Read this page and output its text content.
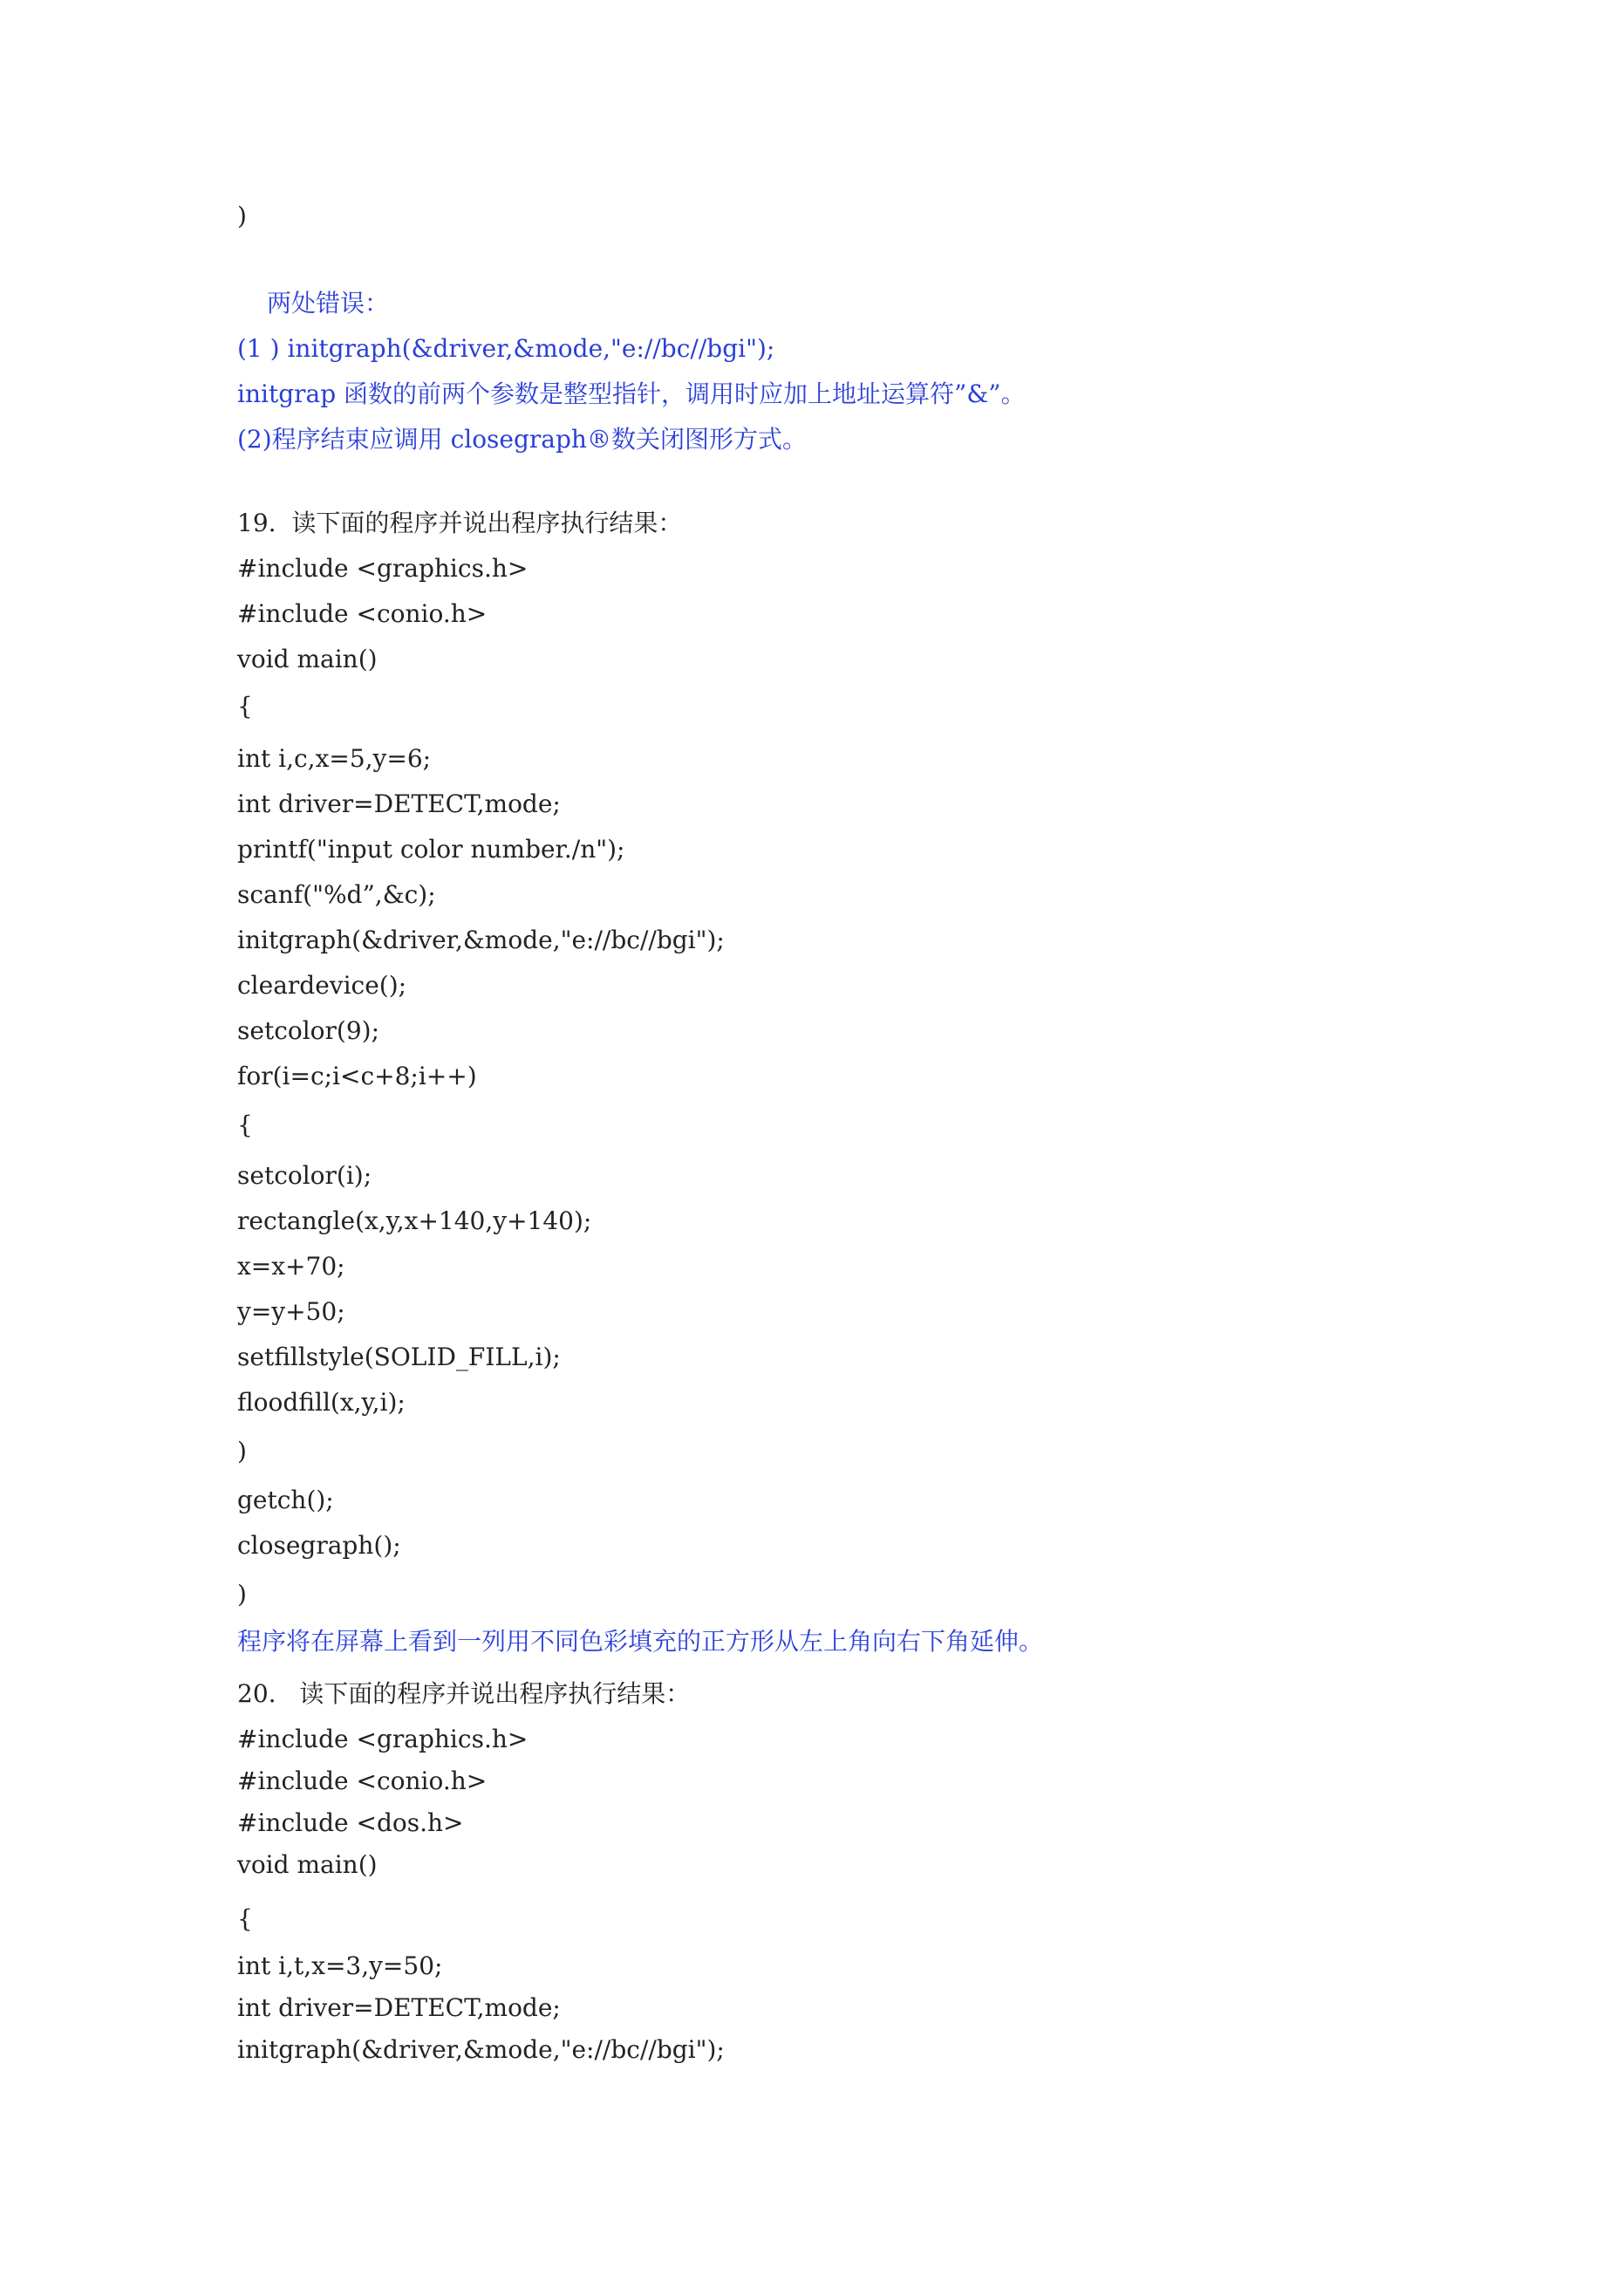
)
两处错误：
(1 ) initgraph(&driver,&mode,"e://bc//bgi");
initgrap 函数的前两个参数是整型指针，调用时应加上地址运算符”&”。
(2)程序结束应调用 closegraph®数关闭图形方式。
19.  读下面的程序并说出程序执行结果：
#include <graphics.h>
#include <conio.h>
void main()
{
int i,c,x=5,y=6;
int driver=DETECT,mode;
printf("input color number./n");
scanf("%d”,&c);
initgraph(&driver,&mode,"e://bc//bgi");
cleardevice();
setcolor(9);
for(i=c;i<c+8;i++)
{
setcolor(i);
rectangle(x,y,x+140,y+140);
x=x+70;
y=y+50;
setfillstyle(SOLID_FILL,i);
floodfill(x,y,i);
)
getch();
closegraph();
)
程序将在屏幕上看到一列用不同色彩填充的正方形从左上角向右下角延伸。
20.   读下面的程序并说出程序执行结果：
#include <graphics.h>
#include <conio.h>
#include <dos.h>
void main()
{
int i,t,x=3,y=50;
int driver=DETECT,mode;
initgraph(&driver,&mode,"e://bc//bgi");
